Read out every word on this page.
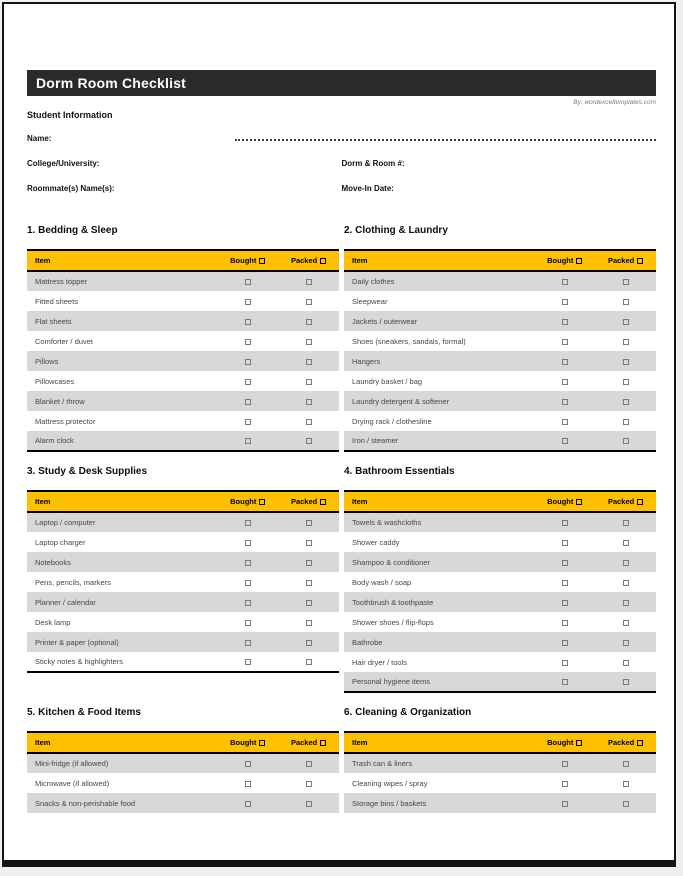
Dorm Room Checklist
By: wordexceltemplates.com
Student Information
Name:
College/University:	Dorm & Room #:
Roommate(s) Name(s):	Move-In Date:
1. Bedding & Sleep
Item	Bought	Packed
Mattress topper		
Fitted sheets		
Flat sheets		
Comforter / duvet		
Pillows		
Pillowcases		
Blanket / throw		
Mattress protector		
Alarm clock		
2. Clothing & Laundry
Item	Bought	Packed
Daily clothes		
Sleepwear		
Jackets / outerwear		
Shoes (sneakers, sandals, formal)		
Hangers		
Laundry basket / bag		
Laundry detergent & softener		
Drying rack / clothesline		
Iron / steamer		
3. Study & Desk Supplies
Item	Bought	Packed
Laptop / computer		
Laptop charger		
Notebooks		
Pens, pencils, markers		
Planner / calendar		
Desk lamp		
Printer & paper (optional)		
Sticky notes & highlighters		
4. Bathroom Essentials
Item	Bought	Packed
Towels & washcloths		
Shower caddy		
Shampoo & conditioner		
Body wash / soap		
Toothbrush & toothpaste		
Shower shoes / flip-flops		
Bathrobe		
Hair dryer / tools		
Personal hygiene items		
5. Kitchen & Food Items
Item	Bought	Packed
Mini-fridge (if allowed)		
Microwave (if allowed)		
Snacks & non-perishable food		
6. Cleaning & Organization
Item	Bought	Packed
Trash can & liners		
Cleaning wipes / spray		
Storage bins / baskets		
